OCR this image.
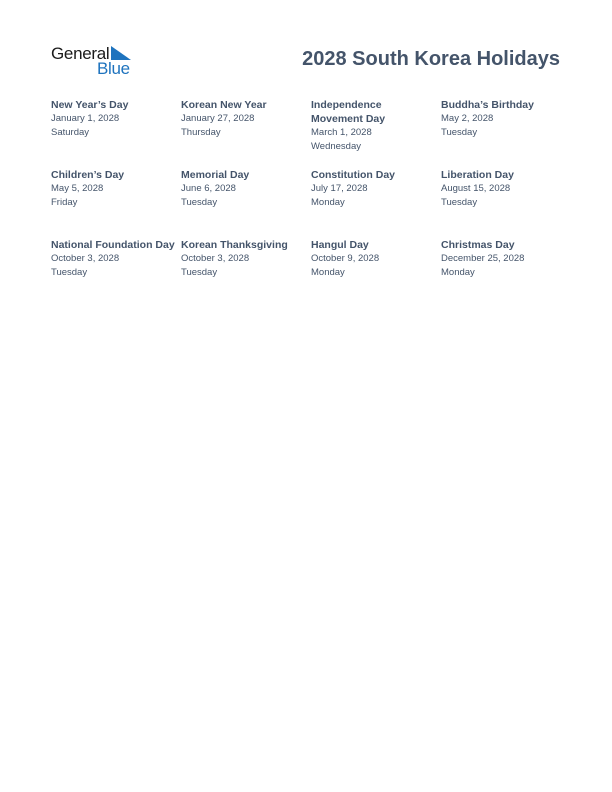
General
Blue	2028 South Korea Holidays
New Year’s Day
January 1, 2028
Saturday
Korean New Year
January 27, 2028
Thursday
Independence Movement Day
March 1, 2028
Wednesday
Buddha’s Birthday
May 2, 2028
Tuesday
Children’s Day
May 5, 2028
Friday
Memorial Day
June 6, 2028
Tuesday
Constitution Day
July 17, 2028
Monday
Liberation Day
August 15, 2028
Tuesday
National Foundation Day
October 3, 2028
Tuesday
Korean Thanksgiving
October 3, 2028
Tuesday
Hangul Day
October 9, 2028
Monday
Christmas Day
December 25, 2028
Monday
